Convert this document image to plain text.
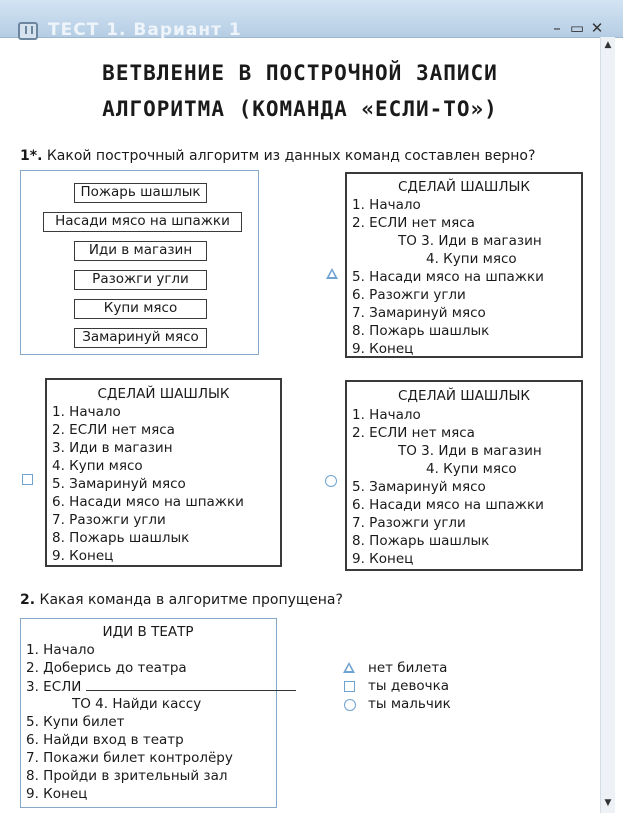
ТЕСТ 1. Вариант 1	– ▭ ✕
▲
▼
ВЕТВЛЕНИЕ В ПОСТРОЧНОЙ ЗАПИСИ
АЛГОРИТМА (КОМАНДА «ЕСЛИ-ТО»)
1*. Какой построчный алгоритм из данных команд составлен верно?
Пожарь шашлык
Насади мясо на шпажки
Иди в магазин
Разожги угли
Купи мясо
Замаринуй мясо
СДЕЛАЙ ШАШЛЫК
1. Начало
2. ЕСЛИ нет мяса
ТО 3. Иди в магазин
4. Купи мясо
5. Насади мясо на шпажки
6. Разожги угли
7. Замаринуй мясо
8. Пожарь шашлык
9. Конец
СДЕЛАЙ ШАШЛЫК
1. Начало
2. ЕСЛИ нет мяса
3. Иди в магазин
4. Купи мясо
5. Замаринуй мясо
6. Насади мясо на шпажки
7. Разожги угли
8. Пожарь шашлык
9. Конец
СДЕЛАЙ ШАШЛЫК
1. Начало
2. ЕСЛИ нет мяса
ТО 3. Иди в магазин
4. Купи мясо
5. Замаринуй мясо
6. Насади мясо на шпажки
7. Разожги угли
8. Пожарь шашлык
9. Конец
2. Какая команда в алгоритме пропущена?
ИДИ В ТЕАТР
1. Начало
2. Доберись до театра
3. ЕСЛИ
ТО 4. Найди кассу
5. Купи билет
6. Найди вход в театр
7. Покажи билет контролёру
8. Пройди в зрительный зал
9. Конец
нет билета
ты девочка
ты мальчик
